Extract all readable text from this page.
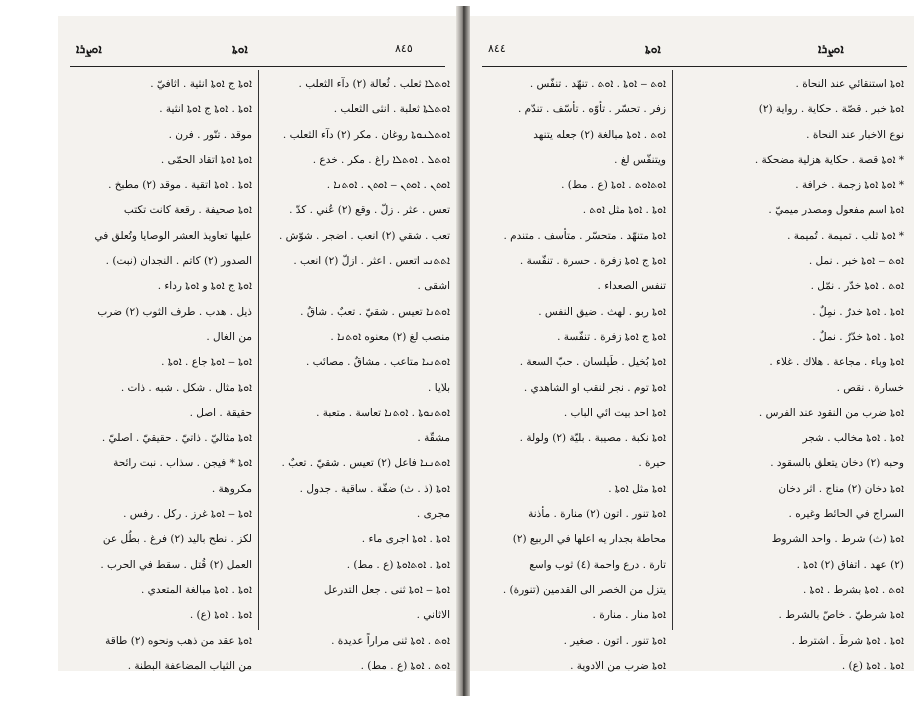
ܐܘܨܪܐ	ܐܘܬܐ	٨٤٥	٨٤٤	ܐܘܬܐ	ܐܘܨܪܐ
ܐܘܬܐ ج ܐܘܬܐ انثية . اثافيّ .
ܐܘܬܐ . ܐܘܬܐ ج ܐܘܬܐ انثية .
موقد . تنّور . فرن .
ܐܘܬܐ ܐܘܬܐ اتقاد الحمّى .
ܐܘܬܐ . ܐܘܬܐ اتقية . موقد (٢) مطبخ .
ܐܘܬܐ صحيفة . رقعة كانت تكتب
عليها تعاويذ العشر الوصايا وتُعلق في
الصدور (٢) كاتم . النجدان (نبت) .
ܐܘܬܐ ج ܐܘܬܐ و ܐܘܬܐ رداء .
ذيل . هدب . طرف الثوب (٢) ضرب
من الغال .
ܐܘܬܐ ‒ ܐܘܬܐ جاع . ܐܘܬܐ .
ܐܘܬܐ مثال . شكل . شبه . ذات .
حقيقة . اصل .
ܐܘܬܐ مثاليّ . ذاتيّ . حقيقيّ . اصليّ .
ܐܘܬܐ * فيجن . سذاب . نبت رائحة
مكروهة .
ܐܘܬܐ ‒ ܐܘܬܐ غرز . ركل . رفس .
لكز . نطح باليد (٢) فرغ . بطُل عن
العمل (٢) قُتل . سقط في الحرب .
ܐܘܬܐ . ܐܘܬܐ مبالغة المتعدي .
ܐܘܬܐ . ܐܘܬܐ (ع) .
ܐܘܬܐ عقد من ذهب ونحوه (٢) طاقة
من الثياب المضاعفة البطنة .
ܐܘܬܠܐ ثعلب . ثُعالة (٢) دآء الثعلب .
ܐܘܬܠܬܐ ثعلبة . انثى الثعلب .
ܐܘܬܠܢܘܬܐ روغان . مكر (٢) دآء الثعلب .
ܐܘܬܠ . ܐܘܬܠܐ راغ . مكر . خدع .
ܐܘܬܢ . ܐܘܬܢ ‒ ܐܘܬܢ . ܐܘܬܢܐ .
تعس . عثر . زلّ . وقع (٢) عُني . كدّ .
تعب . شقي (٢) انعب . اضجر . شوّش .
ܐܬܬܢܝ اتعس . اعثر . ازلّ (٢) انعب .
اشقى .
ܐܘܬܢܐ تعيس . شقيّ . تعبٌ . شاقٌ .
منصب لغ (٢) معنوه ܐܘܬܢܐ .
ܐܘܬܢܝܐ متاعب . مشاقٌ . مصائب .
بلايا .
ܐܘܬܢܘܬܐ . ܐܘܬܢܐ تعاسة . متعبة .
مشقّة .
ܐܘܬܢܢܐ فاعل (٢) تعيس . شقيّ . تعبٌ .
ܐܘܬܐ (ذ . ث) ضفّة . ساقية . جدول .
مجرى .
ܐܘܬܐ . ܐܘܬܐ اجرى ماء .
ܐܘܬܐ . ܐܘܬܐܘܬܐ (ع . مط) .
ܐܘܬܐ ‒ ܐܘܬܐ ثنى . جعل التدرعل
الاثاني .
ܐܘܬ . ܐܘܬܐ ثنى مراراً عديدة .
ܐܘܬ . ܐܘܬܐ (ع . مط) .
ܐܘܬ ‒ ܐܘܬܐ . ܐܘܬ . تنهّد . تنفّس .
زفر . تحسّر . تأوّه . تأسّف . تندّم .
ܐܘܬ . ܐܘܬܐ مبالغة (٢) جعله يتنهد
ويتنفّس لغ .
ܐܘܬܐܘܬ . ܐܘܬܐ (ع . مط) .
ܐܘܬܐ . ܐܘܬܐ مثل ܐܘܬ .
ܐܘܬܐ متنهّد . متحسّر . متأسف . متندم .
ܐܘܬܐ ج ܐܘܬܐ زفرة . حسرة . تنفّسة .
تنفس الصعداء .
ܐܘܬܐ ربو . لهث . ضيق النفس .
ܐܘܬܐ ج ܐܘܬܐ زفرة . تنفّسة .
ܐܘܬܐ بُخيل . طَيلسان . حبّ السعة .
ܐܘܬܐ توم . نجر لنقب او الشاهدي .
ܐܘܬܐ احد بيت ائي الباب .
ܐܘܬܐ نكبة . مصيبة . بليّة (٢) ولولة .
حيرة .
ܐܘܬܐ مثل ܐܘܬܐ .
ܐܘܬܐ تنور . اتون (٢) منارة . مأذنة
محاطة بجدار يه اعلها في الربيع (٢)
تارة . درع واحمة (٤) ثوب واسع
يتزل من الخصر الى القدمين (تنورة) .
ܐܘܬܐ منار . منارة .
ܐܘܬܐ تنور . اتون . صغير .
ܐܘܬܐ ضرب من الادوية .
ܐܘܬܐ استنقائي عند النحاة .
ܐܘܬܐ خبر . قصّة . حكاية . رواية (٢)
نوع الاخبار عند النحاة .
* ܐܘܬܐ قصة . حكاية هزلية مضحكة .
* ܐܘܬܐ ܐܘܬܐ زجمة . خرافة .
ܐܘܬܐ اسم مفعول ومصدر ميميّ .
* ܐܘܬܐ ثلب . تميمة . تُميمة .
ܐܘܬ ‒ ܐܘܬܐ خبر . نمل .
ܐܘܬ . ܐܘܬܐ خدّر . نمّل .
ܐܘܬܐ . ܐܘܬܐ خدرٌ . نمِلٌ .
ܐܘܬܐ . ܐܘܬܐ خدّرٌ . نملٌ .
ܐܘܬܐ وباء . مجاعة . هلاك . غلاء .
خسارة . نقص .
ܐܘܬܐ ضرب من النقود عند الفرس .
ܐܘܬܐ . ܐܘܬܐ مخالب . شجر
وحبه (٢) دخان يتعلق بالسقود .
ܐܘܬܐ دخان (٢) مناج . اثر دخان
السراج في الحائط وغيره .
ܐܘܬܐ (ث) شرط . واحد الشروط
(٢) عهد . اتفاق (٢) ܐܘܬܐ .
ܐܘܬ . ܐܘܬܐ بشرط . ܐܘܬܐ .
ܐܘܬܐ شرطيّ . خاصّ بالشرط .
ܐܘܬܐ . ܐܘܬܐ شرطَ . اشترط .
ܐܘܬܐ . ܐܘܬܐ (ع) .
